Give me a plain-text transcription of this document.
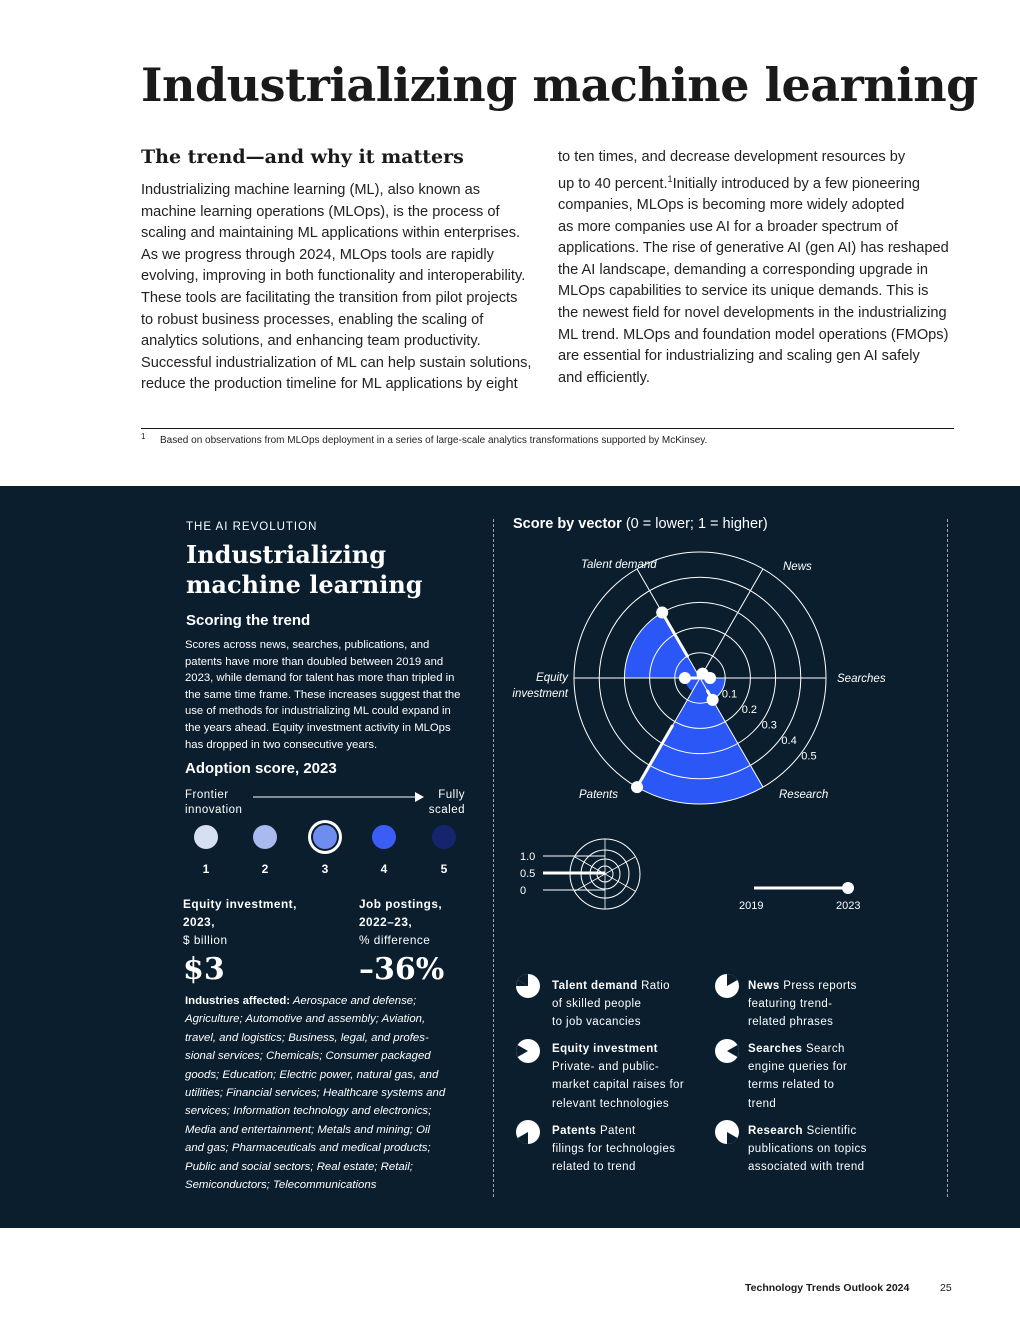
Industrializing machine learning
The trend—and why it matters
Industrializing machine learning (ML), also known as
machine learning operations (MLOps), is the process of
scaling and maintaining ML applications within enterprises.
As we progress through 2024, MLOps tools are rapidly
evolving, improving in both functionality and interoperability.
These tools are facilitating the transition from pilot projects
to robust business processes, enabling the scaling of
analytics solutions, and enhancing team productivity.
Successful industrialization of ML can help sustain solutions,
reduce the production timeline for ML applications by eight
to ten times, and decrease development resources by
up to 40 percent.$^1$Initially introduced by a few pioneering
companies, MLOps is becoming more widely adopted
as more companies use AI for a broader spectrum of
applications. The rise of generative AI (gen AI) has reshaped
the AI landscape, demanding a corresponding upgrade in
MLOps capabilities to service its unique demands. This is
the newest field for novel developments in the industrializing
ML trend. MLOps and foundation model operations (FMOps)
are essential for industrializing and scaling gen AI safely
and efficiently.
1 Based on observations from MLOps deployment in a series of large-scale analytics transformations supported by McKinsey.
THE AI REVOLUTION
Industrializing
machine learning
Scoring the trend
Scores across news, searches, publications, and
patents have more than doubled between 2019 and
2023, while demand for talent has more than tripled in
the same time frame. These increases suggest that the
use of methods for industrializing ML could expand in
the years ahead. Equity investment activity in MLOps
has dropped in two consecutive years.
Adoption score, 2023
Frontier
innovation
Fully
scaled
1	2	3	4	5
Equity investment,
2023,
$ billion
Job postings,
2022–23,
% difference
$3	–36%
Industries affected: Aerospace and defense;
Agriculture; Automotive and assembly; Aviation,
travel, and logistics; Business, legal, and profes-
sional services; Chemicals; Consumer packaged
goods; Education; Electric power, natural gas, and
utilities; Financial services; Healthcare systems and
services; Information technology and electronics;
Media and entertainment; Metals and mining; Oil
and gas; Pharmaceuticals and medical products;
Public and social sectors; Real estate; Retail;
Semiconductors; Telecommunications
Score by vector (0 = lower; 1 = higher)
0.1
0.2
0.3
0.4
0.5
Talent demand	News
Searches
Equity
investment
Patents	Research
1.0
0.5
0
2019	2023
Talent demand Ratio
of skilled people
to job vacancies
News Press reports
featuring trend-
related phrases
Equity investment
Private- and public-
market capital raises for
relevant technologies
Searches Search
engine queries for
terms related to
trend
Patents Patent
filings for technologies
related to trend
Research Scientific
publications on topics
associated with trend
Technology Trends Outlook 2024	25
